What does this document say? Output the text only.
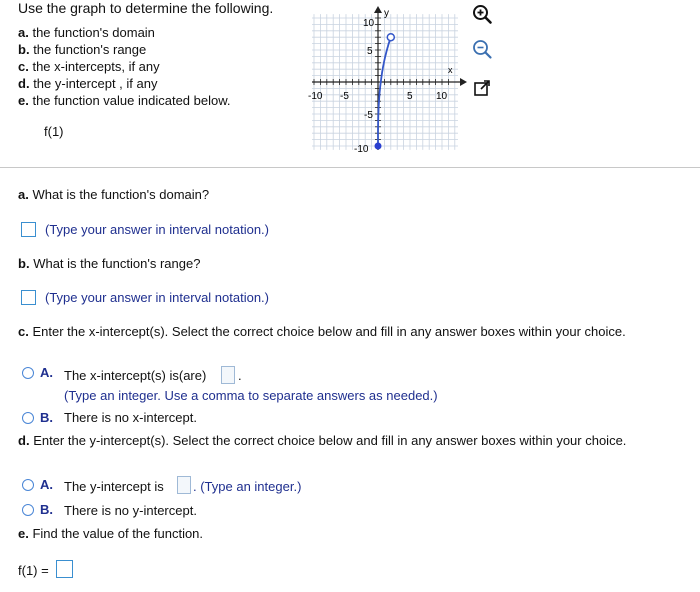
Use the graph to determine the following.
a. the function's domain
b. the function's range
c. the x-intercepts, if any
d. the y-intercept , if any
e. the function value indicated below.
f(1)
y
x
10
5
-5
-10
-10 -5	5 10
a. What is the function's domain?
(Type your answer in interval notation.)
b. What is the function's range?
(Type your answer in interval notation.)
c. Enter the x-intercept(s). Select the correct choice below and fill in any answer boxes within your choice.
A. The x-intercept(s) is(are) .
(Type an integer. Use a comma to separate answers as needed.)
B. There is no x-intercept.
d. Enter the y-intercept(s). Select the correct choice below and fill in any answer boxes within your choice.
A. The y-intercept is . (Type an integer.)
B. There is no y-intercept.
e. Find the value of the function.
f(1) =
